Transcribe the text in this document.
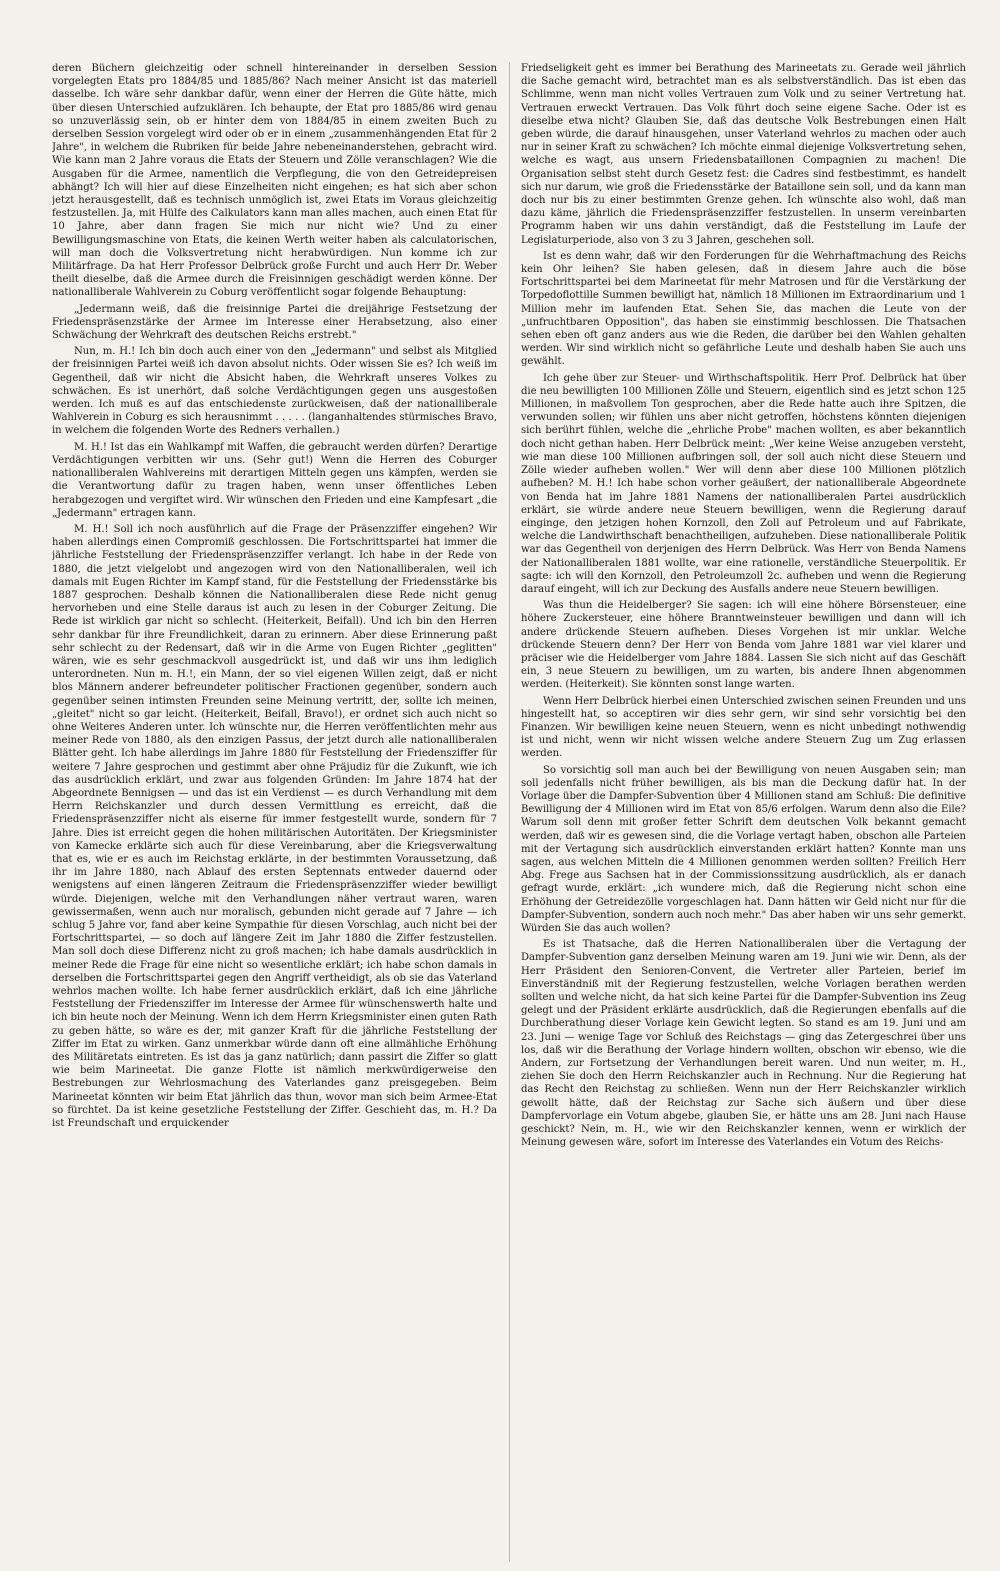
deren Büchern gleichzeitig oder schnell hintereinander in derselben Session vorgelegten Etats pro 1884/85 und 1885/86? Nach meiner Ansicht ist das materiell dasselbe. Ich wäre sehr dankbar dafür, wenn einer der Herren die Güte hätte, mich über diesen Unterschied aufzuklären. Ich behaupte, der Etat pro 1885/86 wird genau so unzuverlässig sein, ob er hinter dem von 1884/85 in einem zweiten Buch zu derselben Session vorgelegt wird oder ob er in einem „zusammenhängenden Etat für 2 Jahre", in welchem die Rubriken für beide Jahre nebeneinanderstehen, gebracht wird. Wie kann man 2 Jahre voraus die Etats der Steuern und Zölle veranschlagen? Wie die Ausgaben für die Armee, namentlich die Verpflegung, die von den Getreidepreisen abhängt? Ich will hier auf diese Einzelheiten nicht eingehen; es hat sich aber schon jetzt herausgestellt, daß es technisch unmöglich ist, zwei Etats im Voraus gleichzeitig festzustellen. Ja, mit Hülfe des Calkulators kann man alles machen, auch einen Etat für 10 Jahre, aber dann fragen Sie mich nur nicht wie? Und zu einer Bewilligungsmaschine von Etats, die keinen Werth weiter haben als calculatorischen, will man doch die Volksvertretung nicht herabwürdigen. Nun komme ich zur Militärfrage. Da hat Herr Professor Delbrück große Furcht und auch Herr Dr. Weber theilt dieselbe, daß die Armee durch die Freisinnigen geschädigt werden könne. Der nationalliberale Wahlverein zu Coburg veröffentlicht sogar folgende Behauptung:

„Jedermann weiß, daß die freisinnige Partei die dreijährige Festsetzung der Friedenspräsenzstärke der Armee im Interesse einer Herabsetzung, also einer Schwächung der Wehrkraft des deutschen Reichs erstrebt."

Nun, m. H.! Ich bin doch auch einer von den „Jedermann" und selbst als Mitglied der freisinnigen Partei weiß ich davon absolut nichts. Oder wissen Sie es? Ich weiß im Gegentheil, daß wir nicht die Absicht haben, die Wehrkraft unseres Volkes zu schwächen. Es ist unerhört, daß solche Verdächtigungen gegen uns ausgestoßen werden. Ich muß es auf das entschiedenste zurückweisen, daß der nationalliberale Wahlverein in Coburg es sich herausnimmt . . . . . (langanhaltendes stürmisches Bravo, in welchem die folgenden Worte des Redners verhallen.)

M. H.! Ist das ein Wahlkampf mit Waffen, die gebraucht werden dürfen? Derartige Verdächtigungen verbitten wir uns. (Sehr gut!) Wenn die Herren des Coburger nationalliberalen Wahlvereins mit derartigen Mitteln gegen uns kämpfen, werden sie die Verantwortung dafür zu tragen haben, wenn unser öffentliches Leben herabgezogen und vergiftet wird. Wir wünschen den Frieden und eine Kampfesart „die „Jedermann" ertragen kann.

M. H.! Soll ich noch ausführlich auf die Frage der Präsenzziffer eingehen? Wir haben allerdings einen Compromiß geschlossen. Die Fortschrittspartei hat immer die jährliche Feststellung der Friedenspräsenzziffer verlangt. Ich habe in der Rede von 1880, die jetzt vielgelobt und angezogen wird von den Nationalliberalen, weil ich damals mit Eugen Richter im Kampf stand, für die Feststellung der Friedensstärke bis 1887 gesprochen. Deshalb können die Nationalliberalen diese Rede nicht genug hervorheben und eine Stelle daraus ist auch zu lesen in der Coburger Zeitung. Die Rede ist wirklich gar nicht so schlecht. (Heiterkeit, Beifall). Und ich bin den Herren sehr dankbar für ihre Freundlichkeit, daran zu erinnern. Aber diese Erinnerung paßt sehr schlecht zu der Redensart, daß wir in die Arme von Eugen Richter „geglitten" wären, wie es sehr geschmackvoll ausgedrückt ist, und daß wir uns ihm lediglich unterordneten. Nun m. H.!, ein Mann, der so viel eigenen Willen zeigt, daß er nicht blos Männern anderer befreundeter politischer Fractionen gegenüber, sondern auch gegenüber seinen intimsten Freunden seine Meinung vertritt, der, sollte ich meinen, „gleitet" nicht so gar leicht. (Heiterkeit, Beifall, Bravo!), er ordnet sich auch nicht so ohne Weiteres Anderen unter. Ich wünschte nur, die Herren veröffentlichten mehr aus meiner Rede von 1880, als den einzigen Passus, der jetzt durch alle nationalliberalen Blätter geht. Ich habe allerdings im Jahre 1880 für Feststellung der Friedensziffer für weitere 7 Jahre gesprochen und gestimmt aber ohne Präjudiz für die Zukunft, wie ich das ausdrücklich erklärt, und zwar aus folgenden Gründen: Im Jahre 1874 hat der Abgeordnete Bennigsen — und das ist ein Verdienst — es durch Verhandlung mit dem Herrn Reichskanzler und durch dessen Vermittlung es erreicht, daß die Friedenspräsenzziffer nicht als eiserne für immer festgestellt wurde, sondern für 7 Jahre. Dies ist erreicht gegen die hohen militärischen Autoritäten. Der Kriegsminister von Kamecke erklärte sich auch für diese Vereinbarung, aber die Kriegsverwaltung that es, wie er es auch im Reichstag erklärte, in der bestimmten Voraussetzung, daß ihr im Jahre 1880, nach Ablauf des ersten Septennats entweder dauernd oder wenigstens auf einen längeren Zeitraum die Friedenspräsenzziffer wieder bewilligt würde. Diejenigen, welche mit den Verhandlungen näher vertraut waren, waren gewissermaßen, wenn auch nur moralisch, gebunden nicht gerade auf 7 Jahre — ich schlug 5 Jahre vor, fand aber keine Sympathie für diesen Vorschlag, auch nicht bei der Fortschrittspartei, — so doch auf längere Zeit im Jahr 1880 die Ziffer festzustellen. Man soll doch diese Differenz nicht zu groß machen; ich habe damals ausdrücklich in meiner Rede die Frage für eine nicht so wesentliche erklärt; ich habe schon damals in derselben die Fortschrittspartei gegen den Angriff vertheidigt, als ob sie das Vaterland wehrlos machen wollte. Ich habe ferner ausdrücklich erklärt, daß ich eine jährliche Feststellung der Friedensziffer im Interesse der Armee für wünschenswerth halte und ich bin heute noch der Meinung. Wenn ich dem Herrn Kriegsminister einen guten Rath zu geben hätte, so wäre es der, mit ganzer Kraft für die jährliche Feststellung der Ziffer im Etat zu wirken. Ganz unmerkbar würde dann oft eine allmähliche Erhöhung des Militäretats eintreten. Es ist das ja ganz natürlich; dann passirt die Ziffer so glatt wie beim Marineetat. Die ganze Flotte ist nämlich merkwürdigerweise den Bestrebungen zur Wehrlosmachung des Vaterlandes ganz preisgegeben. Beim Marineetat könnten wir beim Etat jährlich das thun, wovor man sich beim Armee-Etat so fürchtet. Da ist keine gesetzliche Feststellung der Ziffer. Geschieht das, m. H.? Da ist Freundschaft und erquickender

Friedseligkeit geht es immer bei Berathung des Marineetats zu. Gerade weil jährlich die Sache gemacht wird, betrachtet man es als selbstverständlich. Das ist eben das Schlimme, wenn man nicht volles Vertrauen zum Volk und zu seiner Vertretung hat. Vertrauen erweckt Vertrauen. Das Volk führt doch seine eigene Sache. Oder ist es dieselbe etwa nicht? Glauben Sie, daß das deutsche Volk Bestrebungen einen Halt geben würde, die darauf hinausgehen, unser Vaterland wehrlos zu machen oder auch nur in seiner Kraft zu schwächen? Ich möchte einmal diejenige Volksvertretung sehen, welche es wagt, aus unsern Friedensbataillonen Compagnien zu machen! Die Organisation selbst steht durch Gesetz fest: die Cadres sind festbestimmt, es handelt sich nur darum, wie groß die Friedensstärke der Bataillone sein soll, und da kann man doch nur bis zu einer bestimmten Grenze gehen. Ich wünschte also wohl, daß man dazu käme, jährlich die Friedenspräsenzziffer festzustellen. In unserm vereinbarten Programm haben wir uns dahin verständigt, daß die Feststellung im Laufe der Legislaturperiode, also von 3 zu 3 Jahren, geschehen soll.

Ist es denn wahr, daß wir den Forderungen für die Wehrhaftmachung des Reichs kein Ohr leihen? Sie haben gelesen, daß in diesem Jahre auch die böse Fortschrittspartei bei dem Marineetat für mehr Matrosen und für die Verstärkung der Torpedoflottille Summen bewilligt hat, nämlich 18 Millionen im Extraordinarium und 1 Million mehr im laufenden Etat. Sehen Sie, das machen die Leute von der „unfruchtbaren Opposition", das haben sie einstimmig beschlossen. Die Thatsachen sehen eben oft ganz anders aus wie die Reden, die darüber bei den Wahlen gehalten werden. Wir sind wirklich nicht so gefährliche Leute und deshalb haben Sie auch uns gewählt.

Ich gehe über zur Steuer- und Wirthschaftspolitik. Herr Prof. Delbrück hat über die neu bewilligten 100 Millionen Zölle und Steuern, eigentlich sind es jetzt schon 125 Millionen, in maßvollem Ton gesprochen, aber die Rede hatte auch ihre Spitzen, die verwunden sollen; wir fühlen uns aber nicht getroffen, höchstens könnten diejenigen sich berührt fühlen, welche die „ehrliche Probe" machen wollten, es aber bekanntlich doch nicht gethan haben. Herr Delbrück meint: „Wer keine Weise anzugeben versteht, wie man diese 100 Millionen aufbringen soll, der soll auch nicht diese Steuern und Zölle wieder aufheben wollen." Wer will denn aber diese 100 Millionen plötzlich aufheben? M. H.! Ich habe schon vorher geäußert, der nationalliberale Abgeordnete von Benda hat im Jahre 1881 Namens der nationalliberalen Partei ausdrücklich erklärt, sie würde andere neue Steuern bewilligen, wenn die Regierung darauf einginge, den jetzigen hohen Kornzoll, den Zoll auf Petroleum und auf Fabrikate, welche die Landwirthschaft benachtheiligen, aufzuheben. Diese nationalliberale Politik war das Gegentheil von derjenigen des Herrn Delbrück. Was Herr von Benda Namens der Nationalliberalen 1881 wollte, war eine rationelle, verständliche Steuerpolitik. Er sagte: ich will den Kornzoll, den Petroleumzoll 2c. aufheben und wenn die Regierung darauf eingeht, will ich zur Deckung des Ausfalls andere neue Steuern bewilligen.

Was thun die Heidelberger? Sie sagen: ich will eine höhere Börsensteuer, eine höhere Zuckersteuer, eine höhere Branntweinsteuer bewilligen und dann will ich andere drückende Steuern aufheben. Dieses Vorgehen ist mir unklar. Welche drückende Steuern denn? Der Herr von Benda vom Jahre 1881 war viel klarer und präciser wie die Heidelberger vom Jahre 1884. Lassen Sie sich nicht auf das Geschäft ein, 3 neue Steuern zu bewilligen, um zu warten, bis andere Ihnen abgenommen werden. (Heiterkeit). Sie könnten sonst lange warten.

Wenn Herr Delbrück hierbei einen Unterschied zwischen seinen Freunden und uns hingestellt hat, so acceptiren wir dies sehr gern, wir sind sehr vorsichtig bei den Finanzen. Wir bewilligen keine neuen Steuern, wenn es nicht unbedingt nothwendig ist und nicht, wenn wir nicht wissen welche andere Steuern Zug um Zug erlassen werden.

So vorsichtig soll man auch bei der Bewilligung von neuen Ausgaben sein; man soll jedenfalls nicht früher bewilligen, als bis man die Deckung dafür hat. In der Vorlage über die Dampfer-Subvention über 4 Millionen stand am Schluß: Die definitive Bewilligung der 4 Millionen wird im Etat von 85/6 erfolgen. Warum denn also die Eile? Warum soll denn mit großer fetter Schrift dem deutschen Volk bekannt gemacht werden, daß wir es gewesen sind, die die Vorlage vertagt haben, obschon alle Parteien mit der Vertagung sich ausdrücklich einverstanden erklärt hatten? Konnte man uns sagen, aus welchen Mitteln die 4 Millionen genommen werden sollten? Freilich Herr Abg. Frege aus Sachsen hat in der Commissionssitzung ausdrücklich, als er danach gefragt wurde, erklärt: „ich wundere mich, daß die Regierung nicht schon eine Erhöhung der Getreidezölle vorgeschlagen hat. Dann hätten wir Geld nicht nur für die Dampfer-Subvention, sondern auch noch mehr." Das aber haben wir uns sehr gemerkt. Würden Sie das auch wollen?

Es ist Thatsache, daß die Herren Nationalliberalen über die Vertagung der Dampfer-Subvention ganz derselben Meinung waren am 19. Juni wie wir. Denn, als der Herr Präsident den Senioren-Convent, die Vertreter aller Parteien, berief im Einverständniß mit der Regierung festzustellen, welche Vorlagen berathen werden sollten und welche nicht, da hat sich keine Partei für die Dampfer-Subvention ins Zeug gelegt und der Präsident erklärte ausdrücklich, daß die Regierungen ebenfalls auf die Durchberathung dieser Vorlage kein Gewicht legten. So stand es am 19. Juni und am 23. Juni — wenige Tage vor Schluß des Reichstags — ging das Zetergeschrei über uns los, daß wir die Berathung der Vorlage hindern wollten, obschon wir ebenso, wie die Andern, zur Fortsetzung der Verhandlungen bereit waren. Und nun weiter, m. H., ziehen Sie doch den Herrn Reichskanzler auch in Rechnung. Nur die Regierung hat das Recht den Reichstag zu schließen. Wenn nun der Herr Reichskanzler wirklich gewollt hätte, daß der Reichstag zur Sache sich äußern und über diese Dampfervorlage ein Votum abgebe, glauben Sie, er hätte uns am 28. Juni nach Hause geschickt? Nein, m. H., wie wir den Reichskanzler kennen, wenn er wirklich der Meinung gewesen wäre, sofort im Interesse des Vaterlandes ein Votum des Reichs-
